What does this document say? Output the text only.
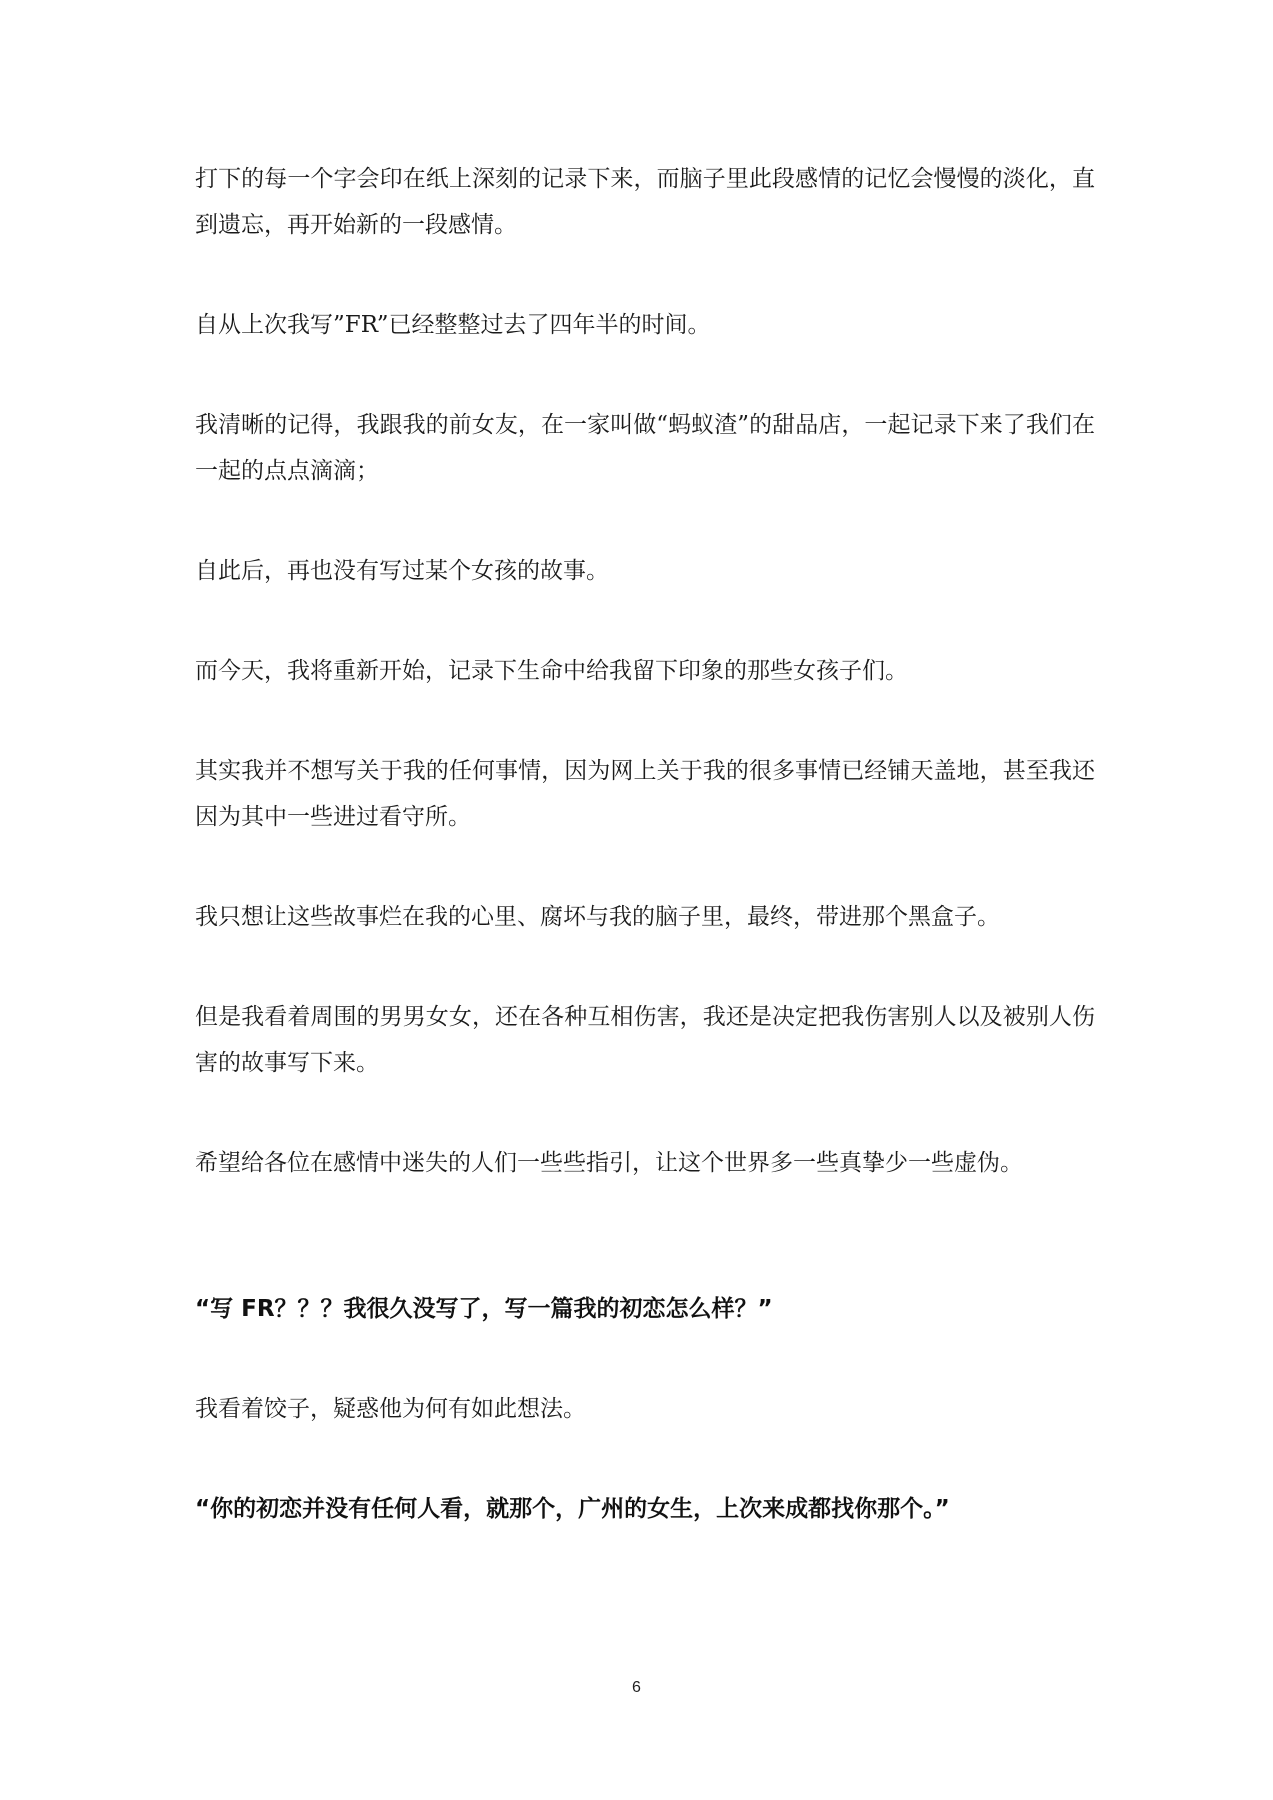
打下的每一个字会印在纸上深刻的记录下来，而脑子里此段感情的记忆会慢慢的淡化，直到遗忘，再开始新的一段感情。

自从上次我写”FR”已经整整过去了四年半的时间。

我清晰的记得，我跟我的前女友，在一家叫做“蚂蚁渣”的甜品店，一起记录下来了我们在一起的点点滴滴；

自此后，再也没有写过某个女孩的故事。

而今天，我将重新开始，记录下生命中给我留下印象的那些女孩子们。

其实我并不想写关于我的任何事情，因为网上关于我的很多事情已经铺天盖地，甚至我还因为其中一些进过看守所。

我只想让这些故事烂在我的心里、腐坏与我的脑子里，最终，带进那个黑盒子。

但是我看着周围的男男女女，还在各种互相伤害，我还是决定把我伤害别人以及被别人伤害的故事写下来。

希望给各位在感情中迷失的人们一些些指引，让这个世界多一些真挚少一些虚伪。

“写 FR？？？我很久没写了，写一篇我的初恋怎么样？”

我看着饺子，疑惑他为何有如此想法。

“你的初恋并没有任何人看，就那个，广州的女生，上次来成都找你那个。”

6
